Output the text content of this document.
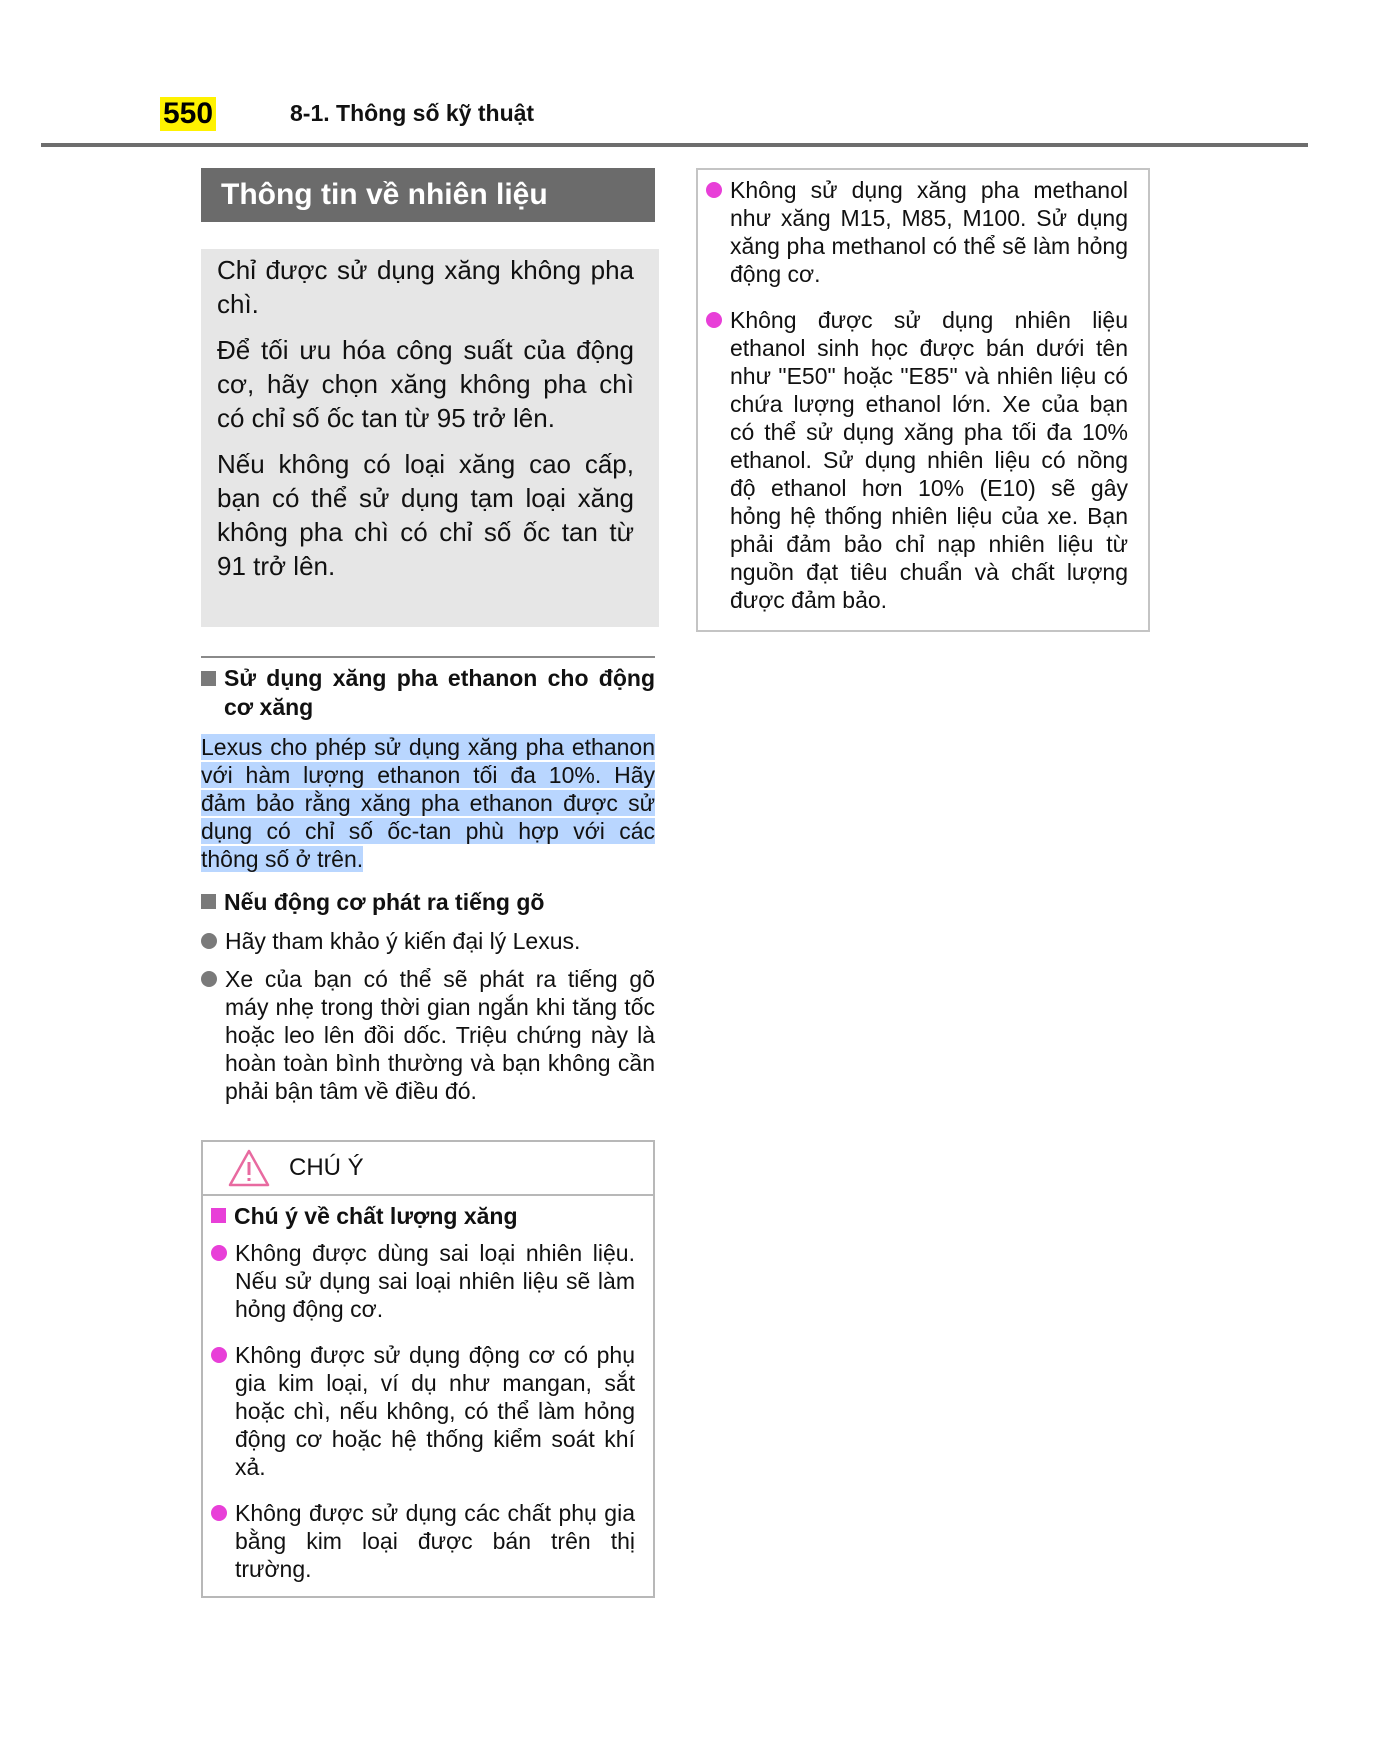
550	8-1. Thông số kỹ thuật
Thông tin về nhiên liệu

Chỉ được sử dụng xăng không pha chì.

Để tối ưu hóa công suất của động cơ, hãy chọn xăng không pha chì có chỉ số ốc tan từ 95 trở lên.

Nếu không có loại xăng cao cấp, bạn có thể sử dụng tạm loại xăng không pha chì có chỉ số ốc tan từ 91 trở lên.

Sử dụng xăng pha ethanon cho động cơ xăng
Lexus cho phép sử dụng xăng pha ethanon với hàm lượng ethanon tối đa 10%. Hãy đảm bảo rằng xăng pha ethanon được sử dụng có chỉ số ốc-tan phù hợp với các thông số ở trên.
Nếu động cơ phát ra tiếng gõ
Hãy tham khảo ý kiến đại lý Lexus.
Xe của bạn có thể sẽ phát ra tiếng gõ máy nhẹ trong thời gian ngắn khi tăng tốc hoặc leo lên đồi dốc. Triệu chứng này là hoàn toàn bình thường và bạn không cần phải bận tâm về điều đó.
CHÚ Ý
Chú ý về chất lượng xăng
Không được dùng sai loại nhiên liệu. Nếu sử dụng sai loại nhiên liệu sẽ làm hỏng động cơ.
Không được sử dụng động cơ có phụ gia kim loại, ví dụ như mangan, sắt hoặc chì, nếu không, có thể làm hỏng động cơ hoặc hệ thống kiểm soát khí xả.
Không được sử dụng các chất phụ gia bằng kim loại được bán trên thị trường.
Không sử dụng xăng pha methanol như xăng M15, M85, M100. Sử dụng xăng pha methanol có thể sẽ làm hỏng động cơ.
Không được sử dụng nhiên liệu ethanol sinh học được bán dưới tên như "E50" hoặc "E85" và nhiên liệu có chứa lượng ethanol lớn. Xe của bạn có thể sử dụng xăng pha tối đa 10% ethanol. Sử dụng nhiên liệu có nồng độ ethanol hơn 10% (E10) sẽ gây hỏng hệ thống nhiên liệu của xe. Bạn phải đảm bảo chỉ nạp nhiên liệu từ nguồn đạt tiêu chuẩn và chất lượng được đảm bảo.
